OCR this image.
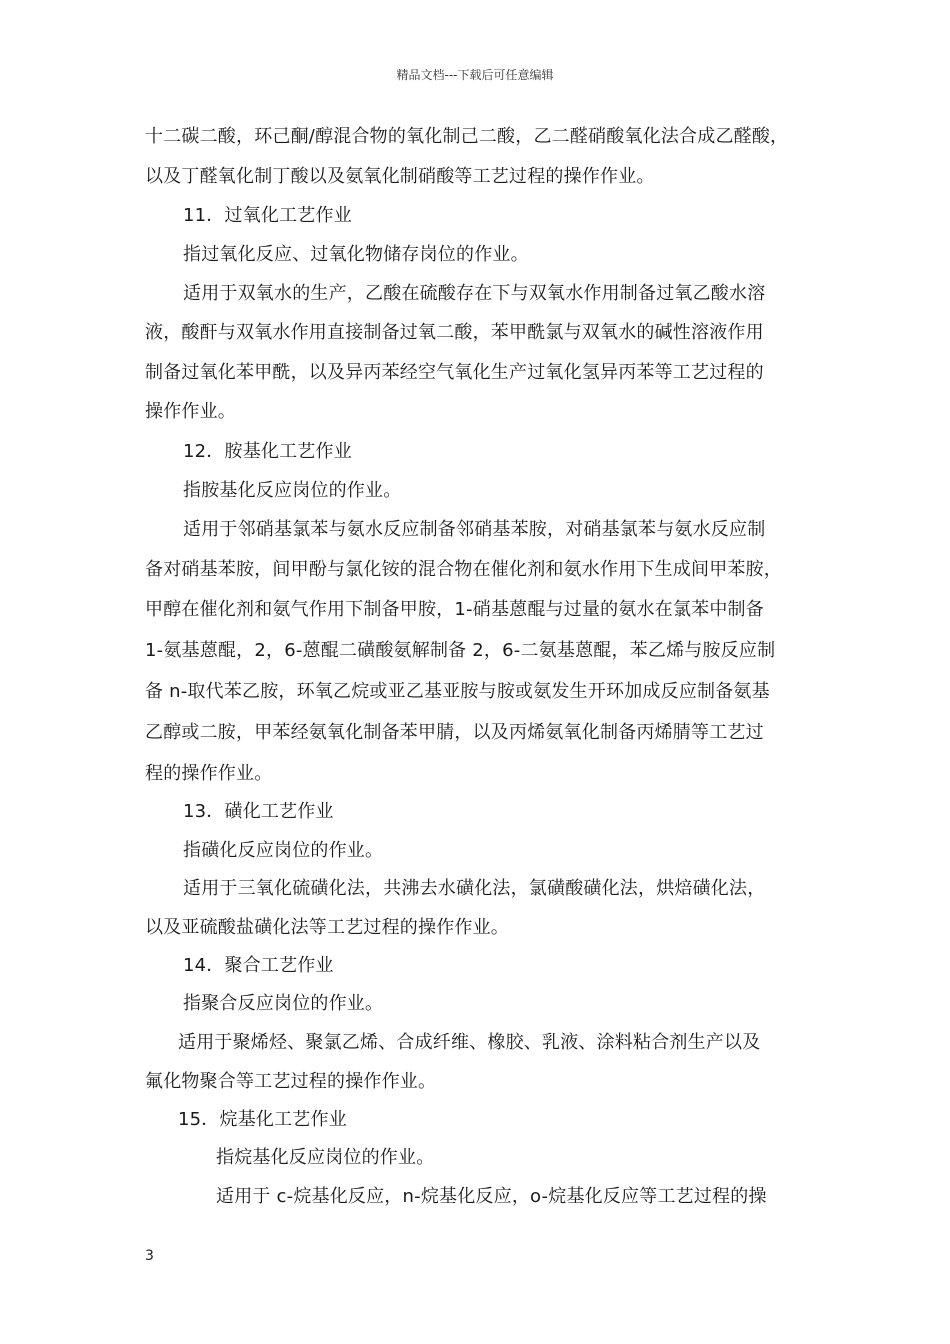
精品文档---下载后可任意编辑
十二碳二酸，环己酮/醇混合物的氧化制己二酸，乙二醛硝酸氧化法合成乙醛酸，
以及丁醛氧化制丁酸以及氨氧化制硝酸等工艺过程的操作作业。
11．过氧化工艺作业
指过氧化反应、过氧化物储存岗位的作业。
适用于双氧水的生产，乙酸在硫酸存在下与双氧水作用制备过氧乙酸水溶
液，酸酐与双氧水作用直接制备过氧二酸，苯甲酰氯与双氧水的碱性溶液作用
制备过氧化苯甲酰，以及异丙苯经空气氧化生产过氧化氢异丙苯等工艺过程的
操作作业。
12．胺基化工艺作业
指胺基化反应岗位的作业。
适用于邻硝基氯苯与氨水反应制备邻硝基苯胺，对硝基氯苯与氨水反应制
备对硝基苯胺，间甲酚与氯化铵的混合物在催化剂和氨水作用下生成间甲苯胺，
甲醇在催化剂和氨气作用下制备甲胺，1-硝基蒽醌与过量的氨水在氯苯中制备
1-氨基蒽醌，2，6-蒽醌二磺酸氨解制备 2，6-二氨基蒽醌，苯乙烯与胺反应制
备 n-取代苯乙胺，环氧乙烷或亚乙基亚胺与胺或氨发生开环加成反应制备氨基
乙醇或二胺，甲苯经氨氧化制备苯甲腈，以及丙烯氨氧化制备丙烯腈等工艺过
程的操作作业。
13．磺化工艺作业
指磺化反应岗位的作业。
适用于三氧化硫磺化法，共沸去水磺化法，氯磺酸磺化法，烘焙磺化法，
以及亚硫酸盐磺化法等工艺过程的操作作业。
14．聚合工艺作业
指聚合反应岗位的作业。
适用于聚烯烃、聚氯乙烯、合成纤维、橡胶、乳液、涂料粘合剂生产以及
氟化物聚合等工艺过程的操作作业。
15．烷基化工艺作业
指烷基化反应岗位的作业。
适用于 c-烷基化反应，n-烷基化反应，o-烷基化反应等工艺过程的操
3
